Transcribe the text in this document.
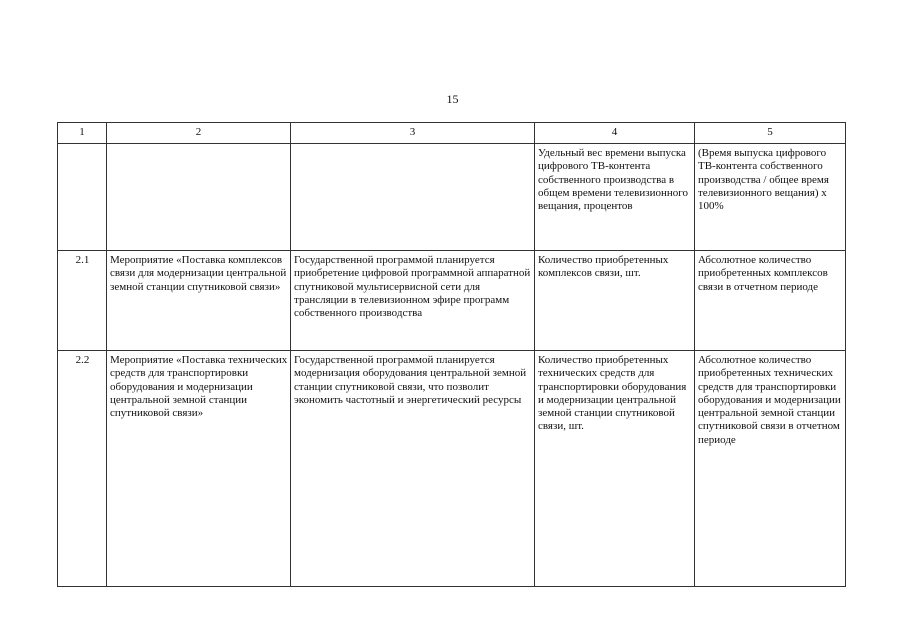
15
1	2	3	4	5
			Удельный вес времени выпуска цифрового ТВ-контента собственного производства в общем времени телевизионного вещания, процентов	(Время выпуска цифрового ТВ-контента собственного производства / общее время телевизионного вещания) х 100%
2.1	Мероприятие «Поставка комплексов связи для модернизации центральной земной станции спутниковой связи»	Государственной программой планируется приобретение цифровой программной аппаратной спутниковой мультисервисной сети для трансляции в телевизионном эфире программ собственного производства	Количество приобретенных комплексов связи, шт.	Абсолютное количество приобретенных комплексов связи в отчетном периоде
2.2	Мероприятие «Поставка технических средств для транспортировки оборудования и модернизации центральной земной станции спутниковой связи»	Государственной программой планируется модернизация оборудования центральной земной станции спутниковой связи, что позволит экономить частотный и энергетический ресурсы	Количество приобретенных технических средств для транспортировки оборудования и модернизации центральной земной станции спутниковой связи, шт.	Абсолютное количество приобретенных технических средств для транспортировки оборудования и модернизации центральной земной станции спутниковой связи в отчетном периоде
